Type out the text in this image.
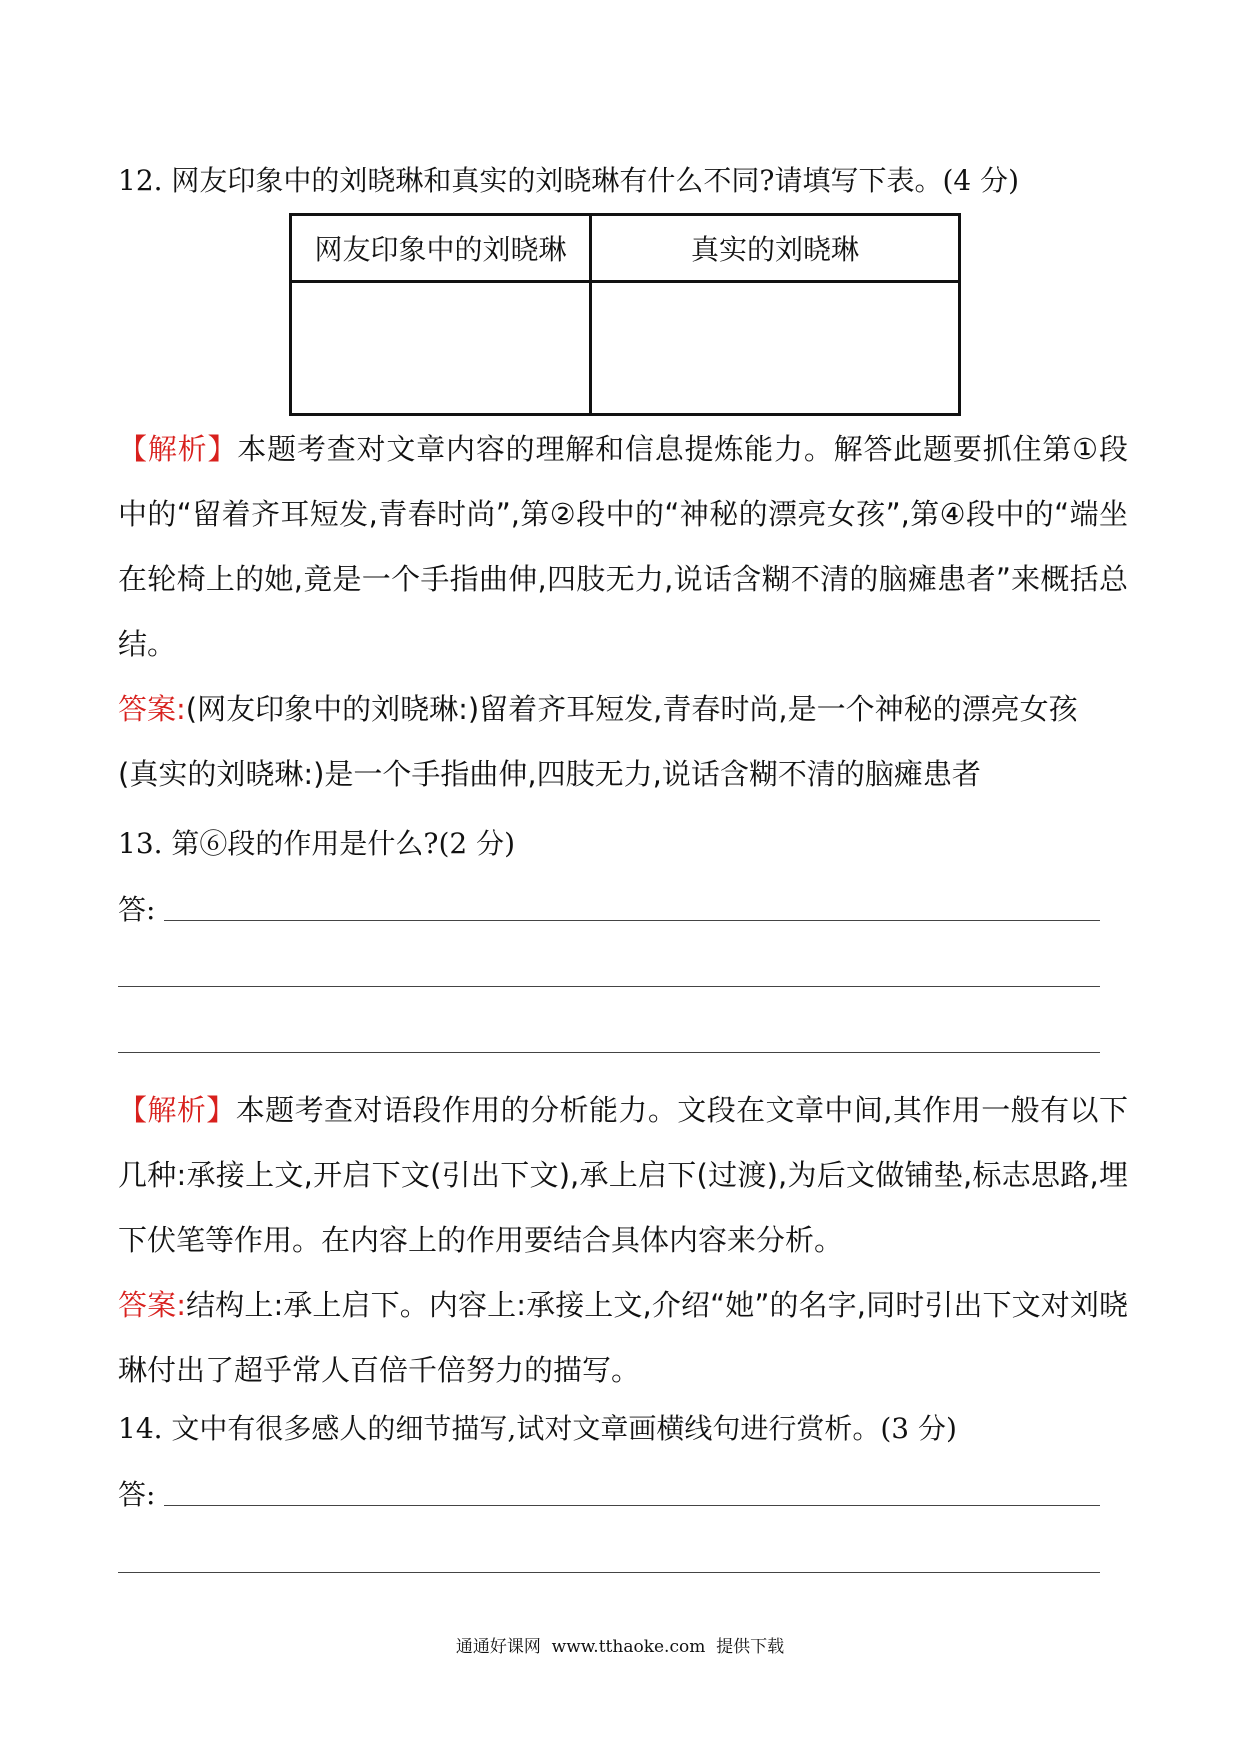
12. 网友印象中的刘晓琳和真实的刘晓琳有什么不同?请填写下表。(4 分)
网友印象中的刘晓琳	真实的刘晓琳

【解析】本题考查对文章内容的理解和信息提炼能力。解答此题要抓住第①段中的“留着齐耳短发,青春时尚”,第②段中的“神秘的漂亮女孩”,第④段中的“端坐在轮椅上的她,竟是一个手指曲伸,四肢无力,说话含糊不清的脑瘫患者”来概括总结。

答案:(网友印象中的刘晓琳:)留着齐耳短发,青春时尚,是一个神秘的漂亮女孩

(真实的刘晓琳:)是一个手指曲伸,四肢无力,说话含糊不清的脑瘫患者

13. 第⑥段的作用是什么?(2 分)
答:

【解析】本题考查对语段作用的分析能力。文段在文章中间,其作用一般有以下几种:承接上文,开启下文(引出下文),承上启下(过渡),为后文做铺垫,标志思路,埋下伏笔等作用。在内容上的作用要结合具体内容来分析。

答案:结构上:承上启下。内容上:承接上文,介绍“她”的名字,同时引出下文对刘晓琳付出了超乎常人百倍千倍努力的描写。

14. 文中有很多感人的细节描写,试对文章画横线句进行赏析。(3 分)
答:
通通好课网  www.tthaoke.com  提供下载
